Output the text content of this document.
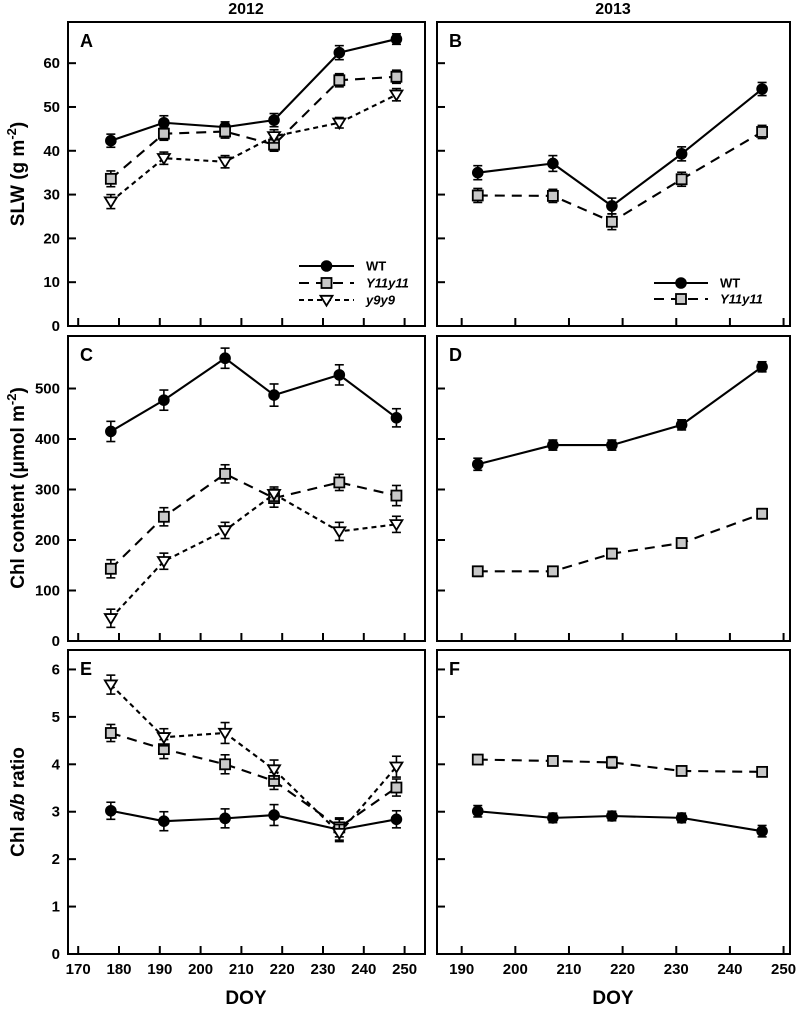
2012	2013
SLW (g $m^{-2}$)
Chl content (μmol $m^{-2}$)
Chl a/b ratio
DOY	DOY
A	B
C	D
E	F
0
10
20
30
40
50
60
WT
Y11y11
y9y9
WT
Y11y11
0
100
200
300
400
500
170 180 190 200 210 220 230 240 250
0
1
2
3
4
5
6
190 200 210 220 230 240 250
